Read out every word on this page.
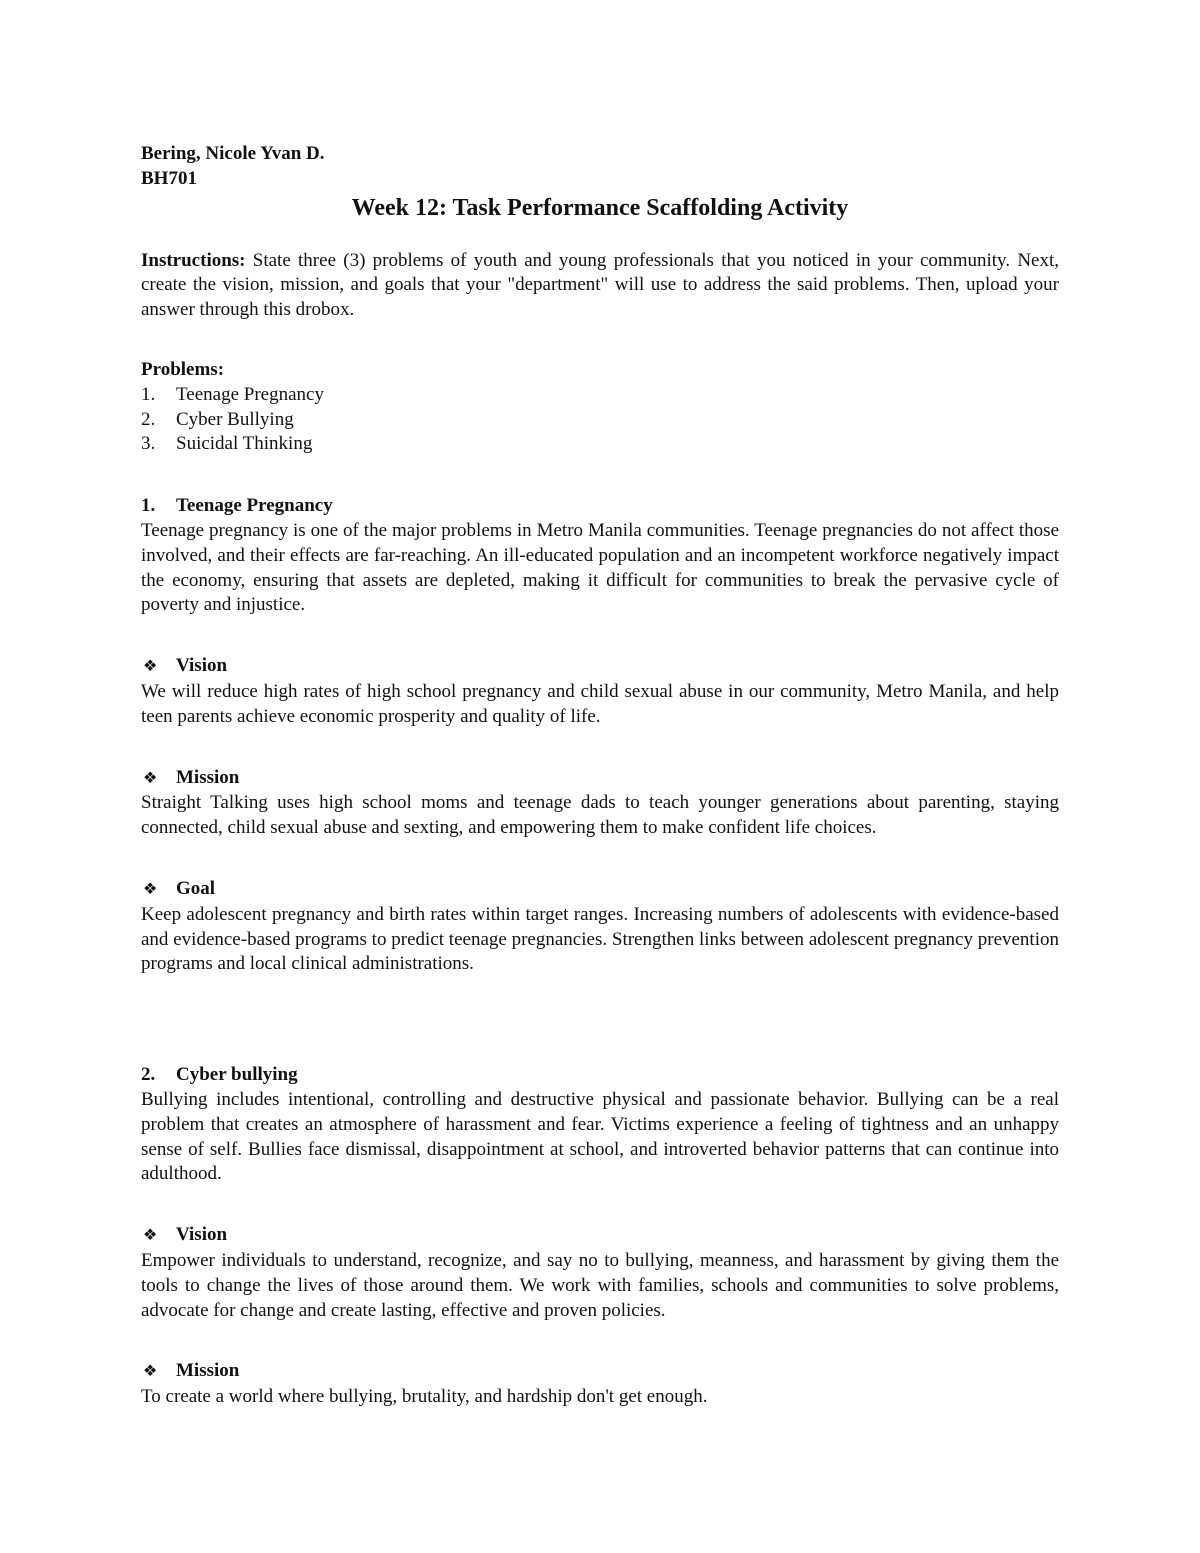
Bering, Nicole Yvan D.
BH701
Week 12: Task Performance Scaffolding Activity
Instructions: State three (3) problems of youth and young professionals that you noticed in your community. Next, create the vision, mission, and goals that your "department" will use to address the said problems. Then, upload your answer through this drobox.
Problems:
1.	Teenage Pregnancy
2.	Cyber Bullying
3.	Suicidal Thinking
1.	Teenage Pregnancy
Teenage pregnancy is one of the major problems in Metro Manila communities. Teenage pregnancies do not affect those involved, and their effects are far-reaching. An ill-educated population and an incompetent workforce negatively impact the economy, ensuring that assets are depleted, making it difficult for communities to break the pervasive cycle of poverty and injustice.
❖ Vision
We will reduce high rates of high school pregnancy and child sexual abuse in our community, Metro Manila, and help teen parents achieve economic prosperity and quality of life.
❖ Mission
Straight Talking uses high school moms and teenage dads to teach younger generations about parenting, staying connected, child sexual abuse and sexting, and empowering them to make confident life choices.
❖ Goal
Keep adolescent pregnancy and birth rates within target ranges. Increasing numbers of adolescents with evidence-based and evidence-based programs to predict teenage pregnancies. Strengthen links between adolescent pregnancy prevention programs and local clinical administrations.
2.	Cyber bullying
Bullying includes intentional, controlling and destructive physical and passionate behavior. Bullying can be a real problem that creates an atmosphere of harassment and fear. Victims experience a feeling of tightness and an unhappy sense of self. Bullies face dismissal, disappointment at school, and introverted behavior patterns that can continue into adulthood.
❖ Vision
Empower individuals to understand, recognize, and say no to bullying, meanness, and harassment by giving them the tools to change the lives of those around them. We work with families, schools and communities to solve problems, advocate for change and create lasting, effective and proven policies.
❖ Mission
To create a world where bullying, brutality, and hardship don't get enough.
